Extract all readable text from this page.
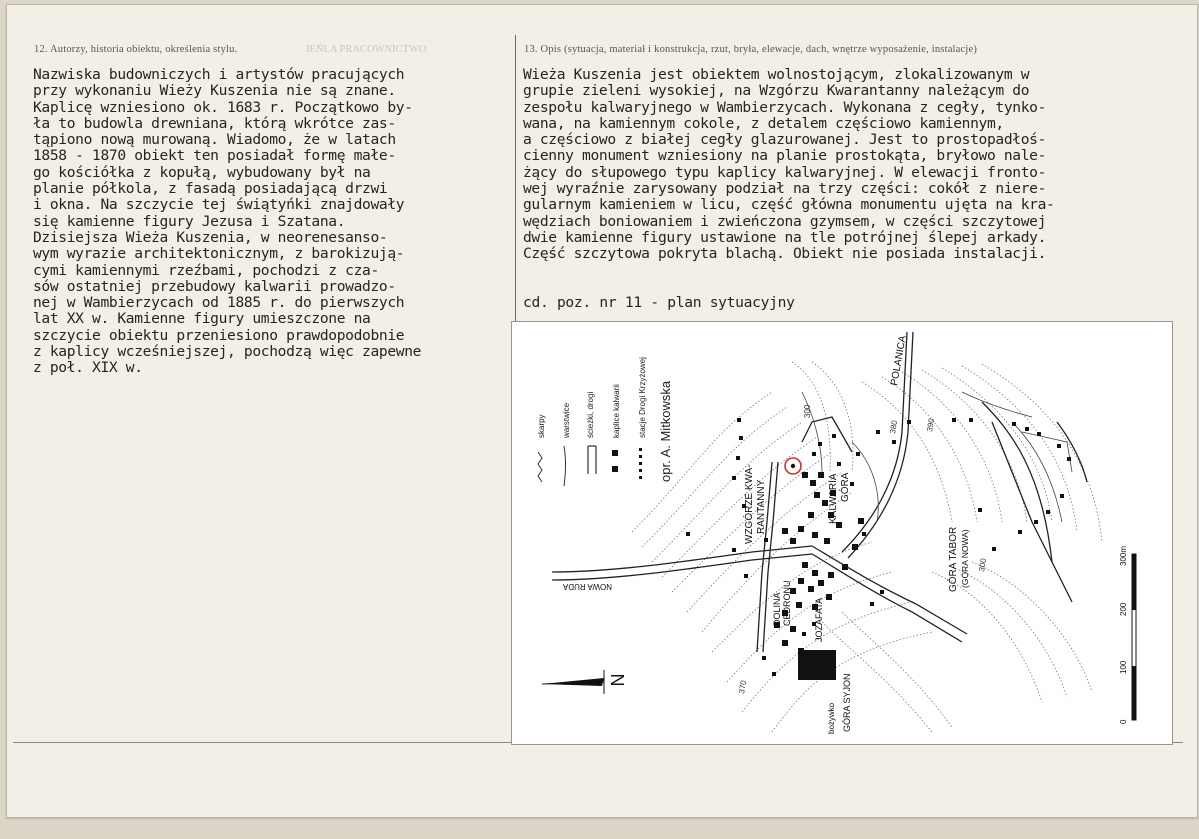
12. Autorzy, historia obiektu, określenia stylu.	IEŃLA PRACOWNICTWO
Nazwiska budowniczych i artystów pracujących
przy wykonaniu Wieży Kuszenia nie są znane.
Kaplicę wzniesiono ok. 1683 r. Początkowo by-
ła to budowla drewniana, którą wkrótce zas-
tąpiono nową murowaną. Wiadomo, że w latach
1858 - 1870 obiekt ten posiadał formę małe-
go kościółka z kopułą, wybudowany był na
planie półkola, z fasadą posiadającą drzwi
i okna. Na szczycie tej świątyńki znajdowały
się kamienne figury Jezusa i Szatana.
Dzisiejsza Wieża Kuszenia, w neorenesanso-
wym wyrazie architektonicznym, z barokizują-
cymi kamiennymi rzeźbami, pochodzi z cza-
sów ostatniej przebudowy kalwarii prowadzo-
nej w Wambierzycach od 1885 r. do pierwszych
lat XX w. Kamienne figury umieszczone na
szczycie obiektu przeniesiono prawdopodobnie
z kaplicy wcześniejszej, pochodzą więc zapewne
z poł. XIX w.
13. Opis (sytuacja, materiał i konstrukcja, rzut, bryła, elewacje, dach, wnętrze wyposażenie, instalacje)
Wieża Kuszenia jest obiektem wolnostojącym, zlokalizowanym w
grupie zieleni wysokiej, na Wzgórzu Kwarantanny należącym do
zespołu kalwaryjnego w Wambierzycach. Wykonana z cegły, tynko-
wana, na kamiennym cokole, z detalem częściowo kamiennym,
a częściowo z białej cegły glazurowanej. Jest to prostopadłoś-
cienny monument wzniesiony na planie prostokąta, bryłowo nale-
żący do słupowego typu kaplicy kalwaryjnej. W elewacji fronto-
wej wyraźnie zarysowany podział na trzy części: cokół z niere-
gularnym kamieniem w licu, część główna monumentu ujęta na kra-
wędziach boniowaniem i zwieńczona gzymsem, w części szczytowej
dwie kamienne figury ustawione na tle potrójnej ślepej arkady.
Część szczytowa pokryta blachą. Obiekt nie posiada instalacji.
cd. poz. nr 11 - plan sytuacyjny
opr. A. Mitkowska
skarpy warstwice ścieżki, drogi kaplice kalwarii stacje Drogi Krzyżowej	POLANICA
NOWA RUDA
WZGÓRZE KWA- RANTANNY	GÓRA
KALWARIA
GÓRA TABOR (GÓRA NOWA)
DOLINA CEDRONU JOZAFATA
GÓRA SYJON
bożywko
300
380	390
300
370
N
0
100
200
300m
